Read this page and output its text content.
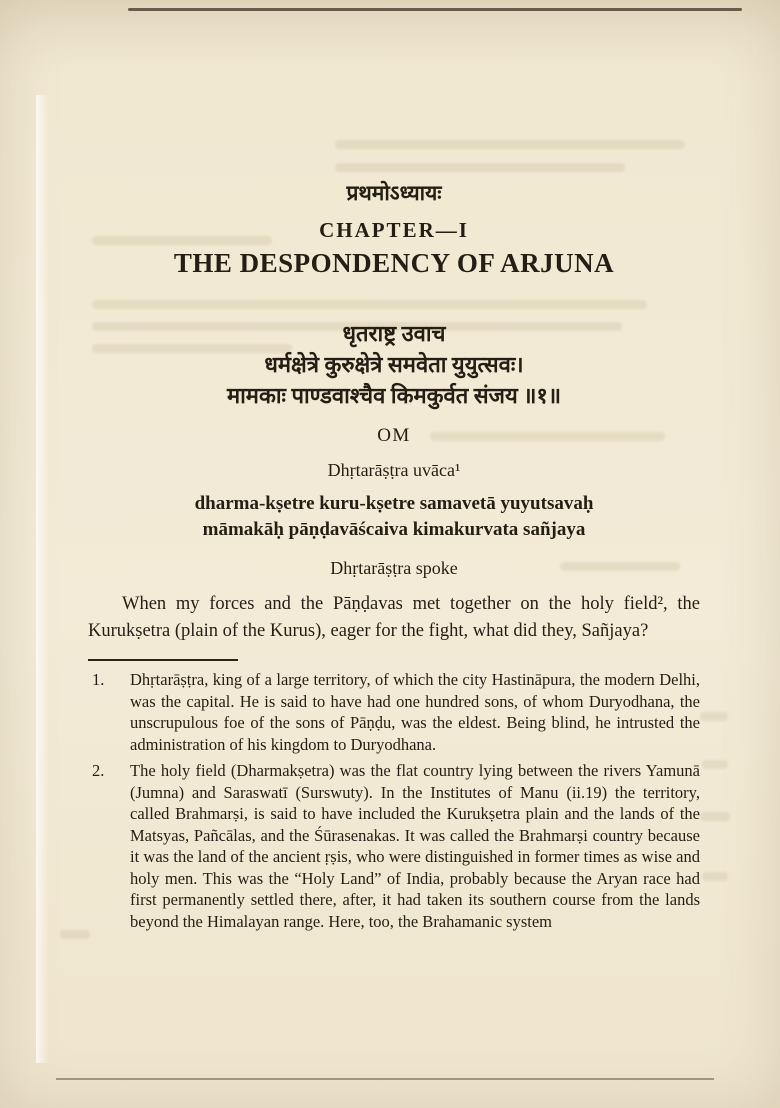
प्रथमोऽध्यायः
CHAPTER—I
THE DESPONDENCY OF ARJUNA
धृतराष्ट्र उवाच
धर्मक्षेत्रे कुरुक्षेत्रे समवेता युयुत्सवः।
मामकाः पाण्डवाश्चैव किमकुर्वत संजय ॥१॥
OM
Dhṛtarāṣṭra uvāca¹
dharma-kṣetre kuru-kṣetre samavetā yuyutsavaḥ
māmakāḥ pāṇḍavāścaiva kimakurvata sañjaya
Dhṛtarāṣṭra spoke

When my forces and the Pāṇḍavas met together on the holy field², the Kurukṣetra (plain of the Kurus), eager for the fight, what did they, Sañjaya?

1.	Dhṛtarāṣṭra, king of a large territory, of which the city Hastināpura, the modern Delhi, was the capital. He is said to have had one hundred sons, of whom Duryodhana, the unscrupulous foe of the sons of Pāṇḍu, was the eldest. Being blind, he intrusted the administration of his kingdom to Duryodhana.
2.	The holy field (Dharmakṣetra) was the flat country lying between the rivers Yamunā (Jumna) and Saraswatī (Surswuty). In the Institutes of Manu (ii.19) the territory, called Brahmarṣi, is said to have included the Kurukṣetra plain and the lands of the Matsyas, Pañcālas, and the Śūrasenakas. It was called the Brahmarṣi country because it was the land of the ancient ṛṣis, who were distinguished in former times as wise and holy men. This was the “Holy Land” of India, probably because the Aryan race had first permanently settled there, after, it had taken its southern course from the lands beyond the Himalayan range. Here, too, the Brahamanic system
